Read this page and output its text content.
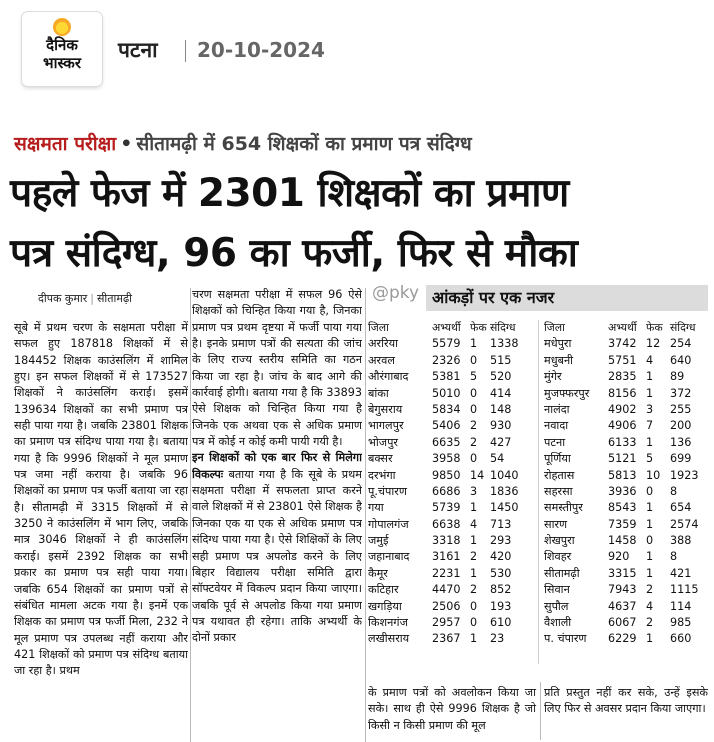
दैनिक
भास्कर
पटना 20-10-2024
सक्षमता परीक्षा • सीतामढ़ी में 654 शिक्षकों का प्रमाण पत्र संदिग्ध
पहले फेज में 2301 शिक्षकों का प्रमाण
पत्र संदिग्ध, 96 का फर्जी, फिर से मौका
दीपक कुमार | सीतामढ़ी

सूबे में प्रथम चरण के सक्षमता परीक्षा में सफल हुए 187818 शिक्षकों में से 184452 शिक्षक काउंसलिंग में शामिल हुए। इन सफल शिक्षकों में से 173527 शिक्षकों ने काउंसलिंग कराई। इसमें 139634 शिक्षकों का सभी प्रमाण पत्र सही पाया गया है। जबकि 23801 शिक्षक का प्रमाण पत्र संदिग्ध पाया गया है। बताया गया है कि 9996 शिक्षकों ने मूल प्रमाण पत्र जमा नहीं कराया है। जबकि 96 शिक्षकों का प्रमाण पत्र फर्जी बताया जा रहा है। सीतामढ़ी में 3315 शिक्षकों में से 3250 ने काउंसलिंग में भाग लिए, जबकि मात्र 3046 शिक्षकों ने ही काउंसलिंग कराई। इसमें 2392 शिक्षक का सभी प्रकार का प्रमाण पत्र सही पाया गया। जबकि 654 शिक्षकों का प्रमाण पत्रों से संबंधित मामला अटक गया है। इनमें एक शिक्षक का प्रमाण पत्र फर्जी मिला, 232 ने मूल प्रमाण पत्र उपलब्ध नहीं कराया और 421 शिक्षकों को प्रमाण पत्र संदिग्ध बताया जा रहा है। प्रथम

चरण सक्षमता परीक्षा में सफल 96 ऐसे शिक्षकों को चिन्हित किया गया है, जिनका प्रमाण पत्र प्रथम दृष्टया में फर्जी पाया गया है। इनके प्रमाण पत्रों की सत्यता की जांच के लिए राज्य स्तरीय समिति का गठन किया जा रहा है। जांच के बाद आगे की कार्रवाई होगी। बताया गया है कि 33893 ऐसे शिक्षक को चिन्हित किया गया है जिनके एक अथवा एक से अधिक प्रमाण पत्र में कोई न कोई कमी पायी गयी है।

इन शिक्षकों को एक बार फिर से मिलेगा विकल्पः बताया गया है कि सूबे के प्रथम सक्षमता परीक्षा में सफलता प्राप्त करने वाले शिक्षकों में से 23801 ऐसे शिक्षक है जिनका एक या एक से अधिक प्रमाण पत्र संदिग्ध पाया गया है। ऐसे शिक्षिकों के लिए सही प्रमाण पत्र अपलोड करने के लिए बिहार विद्यालय परीक्षा समिति द्वारा सॉफ्टवेयर में विकल्प प्रदान किया जाएगा। जबकि पूर्व से अपलोड किया गया प्रमाण पत्र यथावत ही रहेगा। ताकि अभ्यर्थी के दोनों प्रकार

@pky आंकड़ों पर एक नजर
जिला	अभ्यर्थी फेक संदिग्ध	जिला	अभ्यर्थी फेक संदिग्ध
अररिया	5579 1 1338 मधेपुरा	3742 12 254
अरवल	2326 0 515	मधुबनी	5751 4 640
औरंगाबाद 5381 5 520	मुंगेर	2835 1 89
बांका	5010 0 414	मुजफ्फरपुर 8156 1 372
बेगुसराय	5834 0 148	नालंदा	4902 3 255
भागलपुर	5406 2 930	नवादा	4906 7 200
भोजपुर	6635 2 427	पटना	6133 1 136
बक्सर	3958 0 54	पूर्णिया	5121 5 699
दरभंगा	9850 14 1040 रोहतास	5813 10 1923
पू.चंपारण 6686 3 1836 सहरसा	3936 0 8
गया	5739 1 1450 समस्तीपुर 8543 1 654
गोपालगंज 6638 4 713	सारण	7359 1 2574
जमुई	3318 1 293	शेखपुरा	1458 0 388
जहानाबाद 3161 2 420	शिवहर	920 1 8
कैमूर	2231 1 530	सीतामढ़ी	3315 1 421
कटिहार	4470 2 852	सिवान	7943 2 1115
खगड़िया	2506 0 193	सुपौल	4637 4 114
किशनगंज 2957 0 610	वैशाली	6067 2 985
लखीसराय 2367 1 23	प. चंपारण 6229 1 660
के प्रमाण पत्रों को अवलोकन किया जा सके। साथ ही ऐसे 9996 शिक्षक है जो किसी न किसी प्रमाण की मूल
प्रति प्रस्तुत नहीं कर सके, उन्हें इसके लिए फिर से अवसर प्रदान किया जाएगा।
